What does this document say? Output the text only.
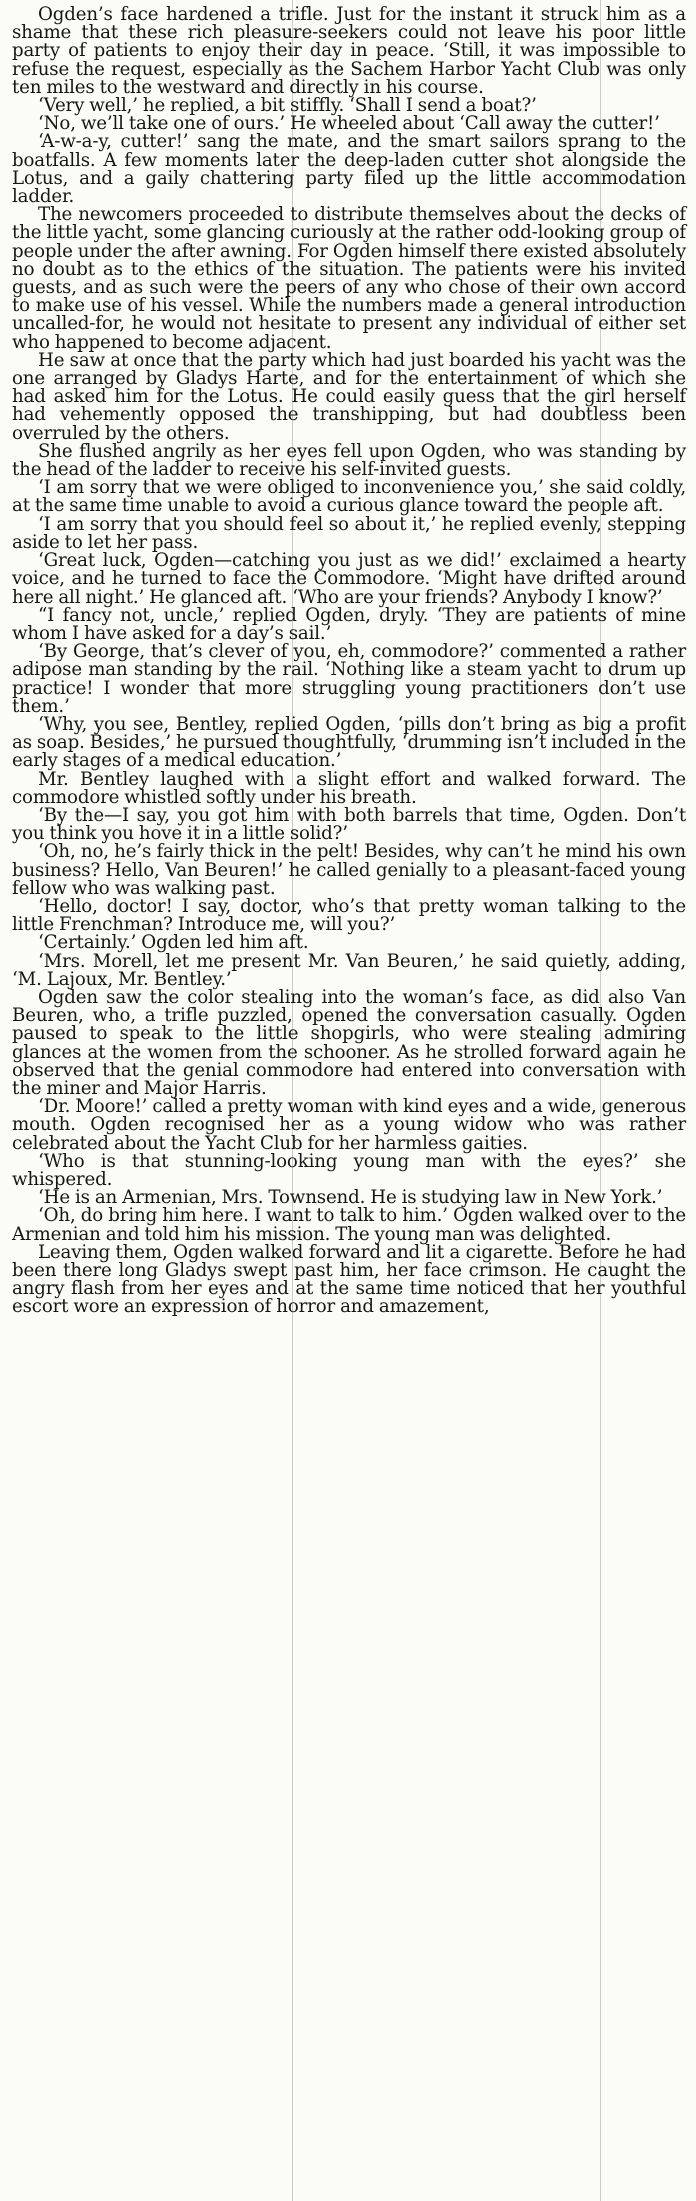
Ogden’s face hardened a trifle. Just for the instant it struck him as a shame that these rich pleasure-seekers could not leave his poor little party of patients to enjoy their day in peace. ‘Still, it was impossible to refuse the request, especially as the Sachem Harbor Yacht Club was only ten miles to the westward and directly in his course.

‘Very well,’ he replied, a bit stiffly. ‘Shall I send a boat?’

‘No, we’ll take one of ours.’ He wheeled about ‘Call away the cutter!’

‘A-w-a-y, cutter!’ sang the mate, and the smart sailors sprang to the boatfalls. A few moments later the deep-laden cutter shot alongside the Lotus, and a gaily chattering party filed up the little accommodation ladder.

The newcomers proceeded to distribute themselves about the decks of the little yacht, some glancing curiously at the rather odd-looking group of people under the after awning. For Ogden himself there existed absolutely no doubt as to the ethics of the situation. The patients were his invited guests, and as such were the peers of any who chose of their own accord to make use of his vessel. While the numbers made a general introduction uncalled-for, he would not hesitate to present any individual of either set who happened to become adjacent.

He saw at once that the party which had just boarded his yacht was the one arranged by Gladys Harte, and for the entertainment of which she had asked him for the Lotus. He could easily guess that the girl herself had vehemently opposed the transhipping, but had doubtless been overruled by the others.

She flushed angrily as her eyes fell upon Ogden, who was standing by the head of the ladder to receive his self-invited guests.

‘I am sorry that we were obliged to inconvenience you,’ she said coldly, at the same time unable to avoid a curious glance toward the people aft.

‘I am sorry that you should feel so about it,’ he replied evenly, stepping aside to let her pass.

‘Great luck, Ogden—catching you just as we did!’ exclaimed a hearty voice, and he turned to face the Commodore. ‘Might have drifted around here all night.’ He glanced aft. ‘Who are your friends? Anybody I know?’

“I fancy not, uncle,’ replied Ogden, dryly. ‘They are patients of mine whom I have asked for a day’s sail.’

‘By George, that’s clever of you, eh, commodore?’ commented a rather adipose man standing by the rail. ‘Nothing like a steam yacht to drum up practice! I wonder that more struggling young practitioners don’t use them.’

‘Why, you see, Bentley, replied Ogden, ‘pills don’t bring as big a profit as soap. Besides,’ he pursued thoughtfully, ‘drumming isn’t included in the early stages of a medical education.’

Mr. Bentley laughed with a slight effort and walked forward. The commodore whistled softly under his breath.

‘By the—I say, you got him with both barrels that time, Ogden. Don’t you think you hove it in a little solid?’

‘Oh, no, he’s fairly thick in the pelt! Besides, why can’t he mind his own business? Hello, Van Beuren!’ he called genially to a pleasant-faced young fellow who was walking past.

‘Hello, doctor! I say, doctor, who’s that pretty woman talking to the little Frenchman? Introduce me, will you?’

‘Certainly.’ Ogden led him aft.

‘Mrs. Morell, let me present Mr. Van Beuren,’ he said quietly, adding, ‘M. Lajoux, Mr. Bentley.’

Ogden saw the color stealing into the woman’s face, as did also Van Beuren, who, a trifle puzzled, opened the conversation casually. Ogden paused to speak to the little shopgirls, who were stealing admiring glances at the women from the schooner. As he strolled forward again he observed that the genial commodore had entered into conversation with the miner and Major Harris.

‘Dr. Moore!’ called a pretty woman with kind eyes and a wide, generous mouth. Ogden recognised her as a young widow who was rather celebrated about the Yacht Club for her harmless gaities.

‘Who is that stunning-looking young man with the eyes?’ she whispered.

‘He is an Armenian, Mrs. Townsend. He is studying law in New York.’

‘Oh, do bring him here. I want to talk to him.’ Ogden walked over to the Armenian and told him his mission. The young man was delighted.

Leaving them, Ogden walked forward and lit a cigarette. Before he had been there long Gladys swept past him, her face crimson. He caught the angry flash from her eyes and at the same time noticed that her youthful escort wore an expression of horror and amazement,
